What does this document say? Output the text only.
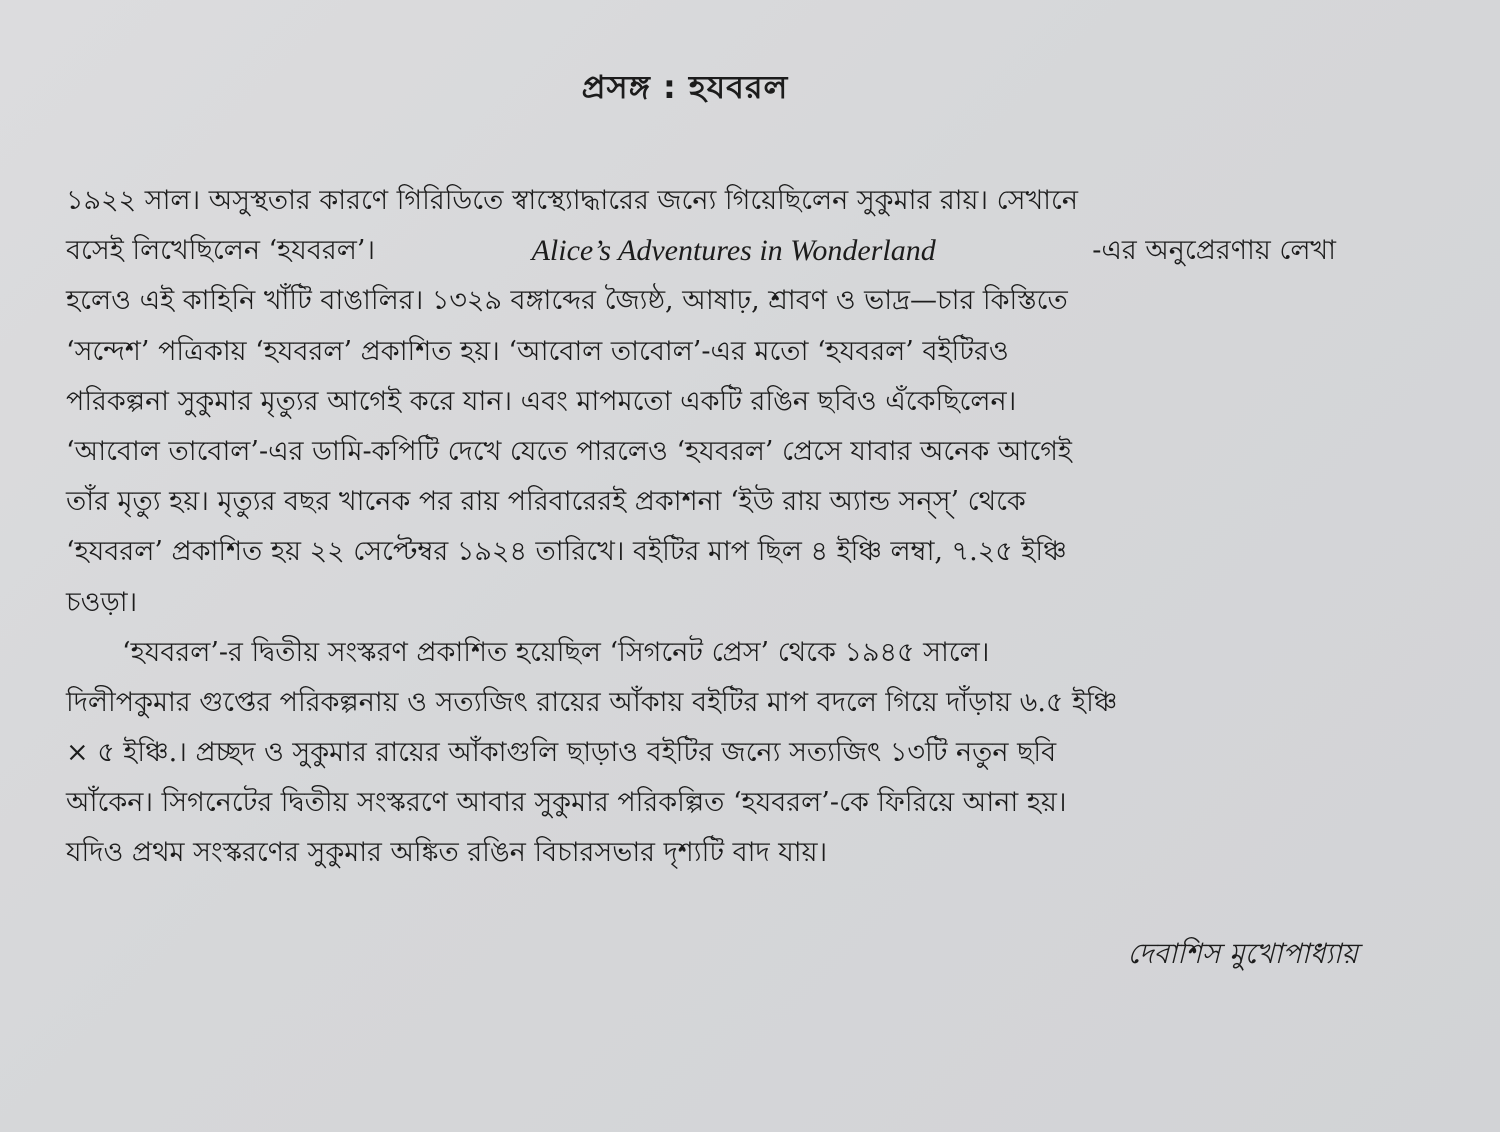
প্রসঙ্গ : হযবরল
১৯২২ সাল। অসুস্থতার কারণে গিরিডিতে স্বাস্থ্যোদ্ধারের জন্যে গিয়েছিলেন সুকুমার রায়। সেখানে
বসেই লিখেছিলেন ‘হযবরল’।	Alice’s Adventures in Wonderland	-এর অনুপ্রেরণায় লেখা
হলেও এই কাহিনি খাঁটি বাঙালির। ১৩২৯ বঙ্গাব্দের জ্যৈষ্ঠ, আষাঢ়, শ্রাবণ ও ভাদ্র—চার কিস্তিতে
‘সন্দেশ’ পত্রিকায় ‘হযবরল’ প্রকাশিত হয়। ‘আবোল তাবোল’-এর মতো ‘হযবরল’ বইটিরও
পরিকল্পনা সুকুমার মৃত্যুর আগেই করে যান। এবং মাপমতো একটি রঙিন ছবিও এঁকেছিলেন।
‘আবোল তাবোল’-এর ডামি-কপিটি দেখে যেতে পারলেও ‘হযবরল’ প্রেসে যাবার অনেক আগেই
তাঁর মৃত্যু হয়। মৃত্যুর বছর খানেক পর রায় পরিবারেরই প্রকাশনা ‘ইউ রায় অ্যান্ড সন্স্’ থেকে
‘হযবরল’ প্রকাশিত হয় ২২ সেপ্টেম্বর ১৯২৪ তারিখে। বইটির মাপ ছিল ৪ ইঞ্চি লম্বা, ৭.২৫ ইঞ্চি
চওড়া।
‘হযবরল’-র দ্বিতীয় সংস্করণ প্রকাশিত হয়েছিল ‘সিগনেট প্রেস’ থেকে ১৯৪৫ সালে।
দিলীপকুমার গুপ্তের পরিকল্পনায় ও সত্যজিৎ রায়ের আঁকায় বইটির মাপ বদলে গিয়ে দাঁড়ায় ৬.৫ ইঞ্চি
× ৫ ইঞ্চি.। প্রচ্ছদ ও সুকুমার রায়ের আঁকাগুলি ছাড়াও বইটির জন্যে সত্যজিৎ ১৩টি নতুন ছবি
আঁকেন। সিগনেটের দ্বিতীয় সংস্করণে আবার সুকুমার পরিকল্পিত ‘হযবরল’-কে ফিরিয়ে আনা হয়।
যদিও প্রথম সংস্করণের সুকুমার অঙ্কিত রঙিন বিচারসভার দৃশ্যটি বাদ যায়।
দেবাশিস মুখোপাধ্যায়
